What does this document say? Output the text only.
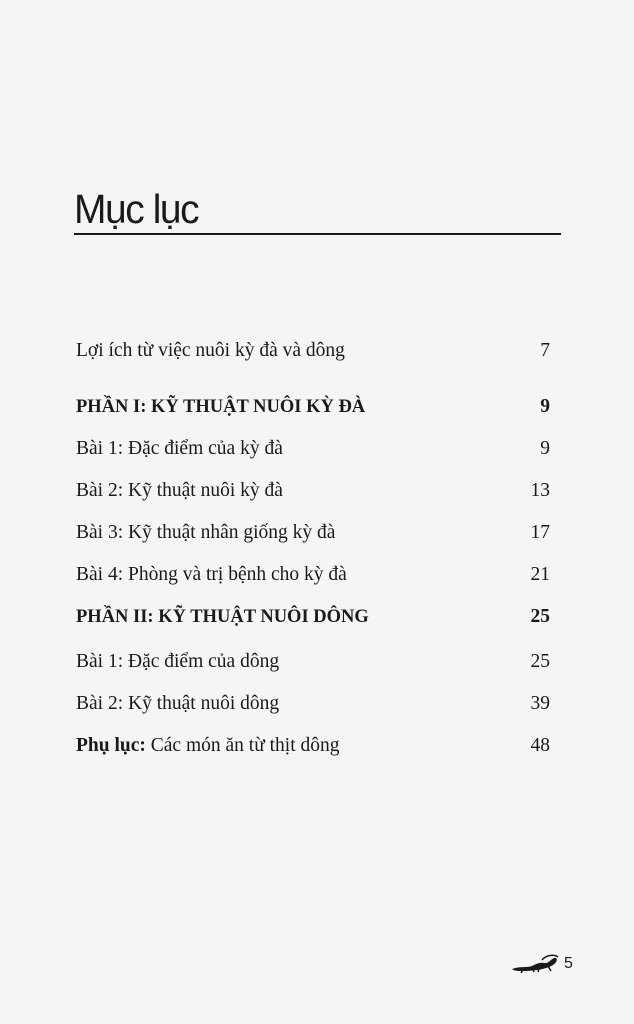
Mục lục
Lợi ích từ việc nuôi kỳ đà và dông	7
PHẦN I: KỸ THUẬT NUÔI KỲ ĐÀ	9
Bài 1: Đặc điểm của kỳ đà	9
Bài 2: Kỹ thuật nuôi kỳ đà	13
Bài 3: Kỹ thuật nhân giống kỳ đà	17
Bài 4: Phòng và trị bệnh cho kỳ đà	21
PHẦN II: KỸ THUẬT NUÔI DÔNG	25
Bài 1: Đặc điểm của dông	25
Bài 2: Kỹ thuật nuôi dông	39
Phụ lục: Các món ăn từ thịt dông	48
5
